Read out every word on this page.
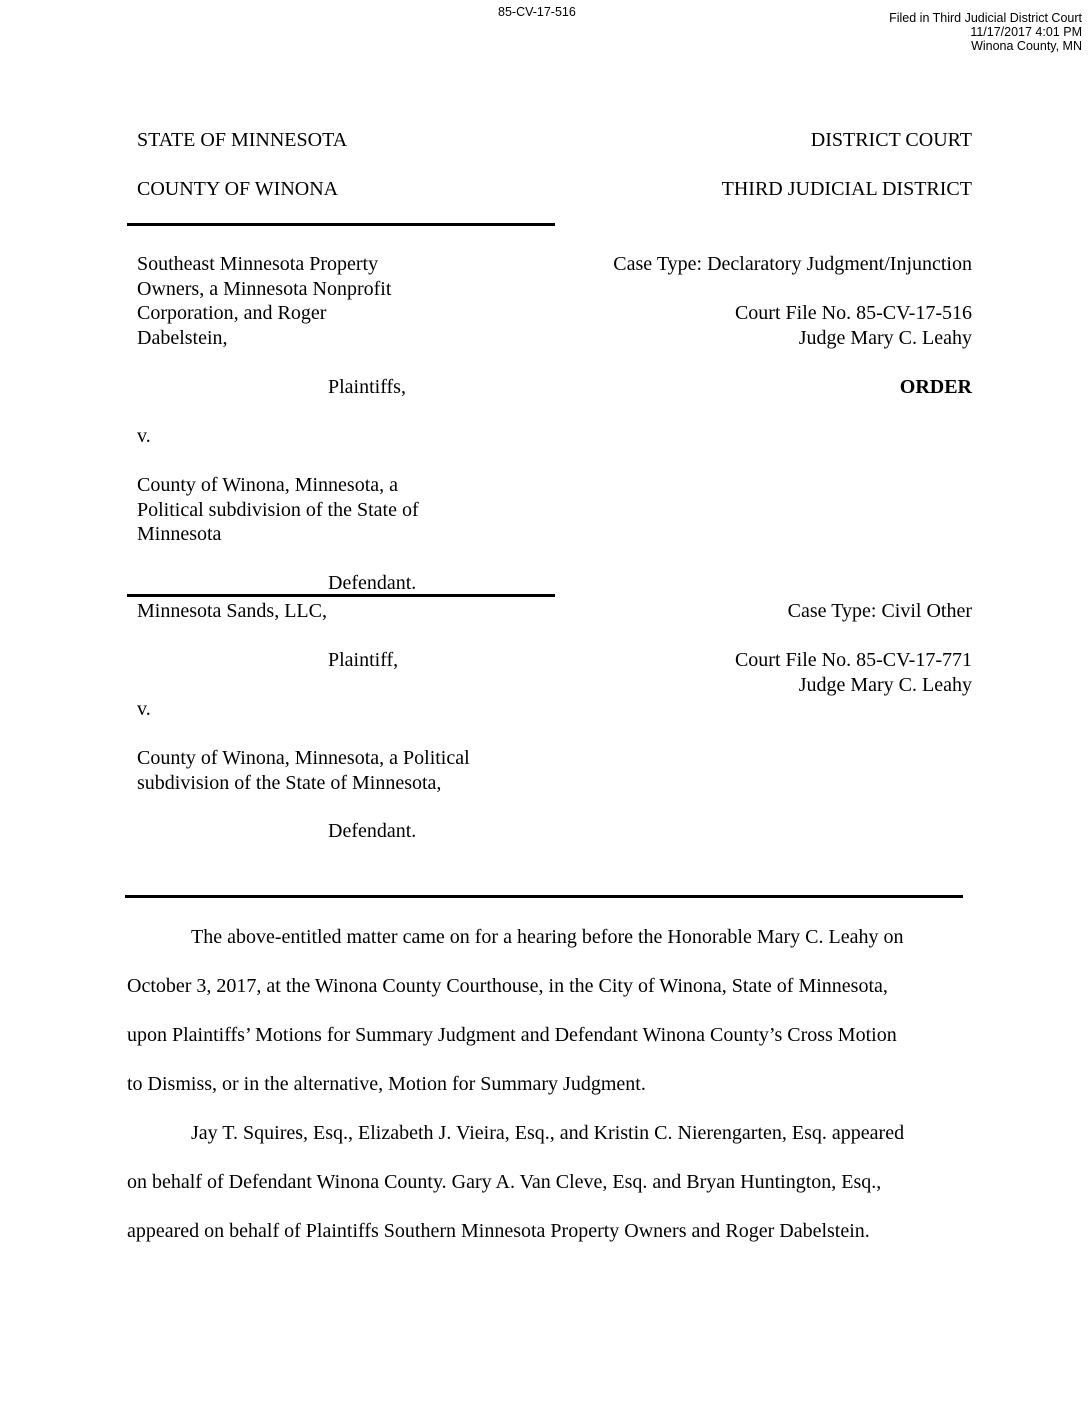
85-CV-17-516	Filed in Third Judicial District Court
11/17/2017 4:01 PM
Winona County, MN
STATE OF MINNESOTA	DISTRICT COURT
COUNTY OF WINONA	THIRD JUDICIAL DISTRICT
Southeast Minnesota Property
Owners, a Minnesota Nonprofit
Corporation, and Roger
Dabelstein,
Plaintiffs,
v.
County of Winona, Minnesota, a
Political subdivision of the State of
Minnesota
Defendant.
Case Type: Declaratory Judgment/Injunction
Court File No. 85-CV-17-516
Judge Mary C. Leahy
ORDER
Minnesota Sands, LLC,
Plaintiff,
v.
County of Winona, Minnesota, a Political
subdivision of the State of Minnesota,
Defendant.
Case Type: Civil Other
Court File No. 85-CV-17-771
Judge Mary C. Leahy
The above-entitled matter came on for a hearing before the Honorable Mary C. Leahy on
October 3, 2017, at the Winona County Courthouse, in the City of Winona, State of Minnesota,
upon Plaintiffs’ Motions for Summary Judgment and Defendant Winona County’s Cross Motion
to Dismiss, or in the alternative, Motion for Summary Judgment.
Jay T. Squires, Esq., Elizabeth J. Vieira, Esq., and Kristin C. Nierengarten, Esq. appeared
on behalf of Defendant Winona County. Gary A. Van Cleve, Esq. and Bryan Huntington, Esq.,
appeared on behalf of Plaintiffs Southern Minnesota Property Owners and Roger Dabelstein.
